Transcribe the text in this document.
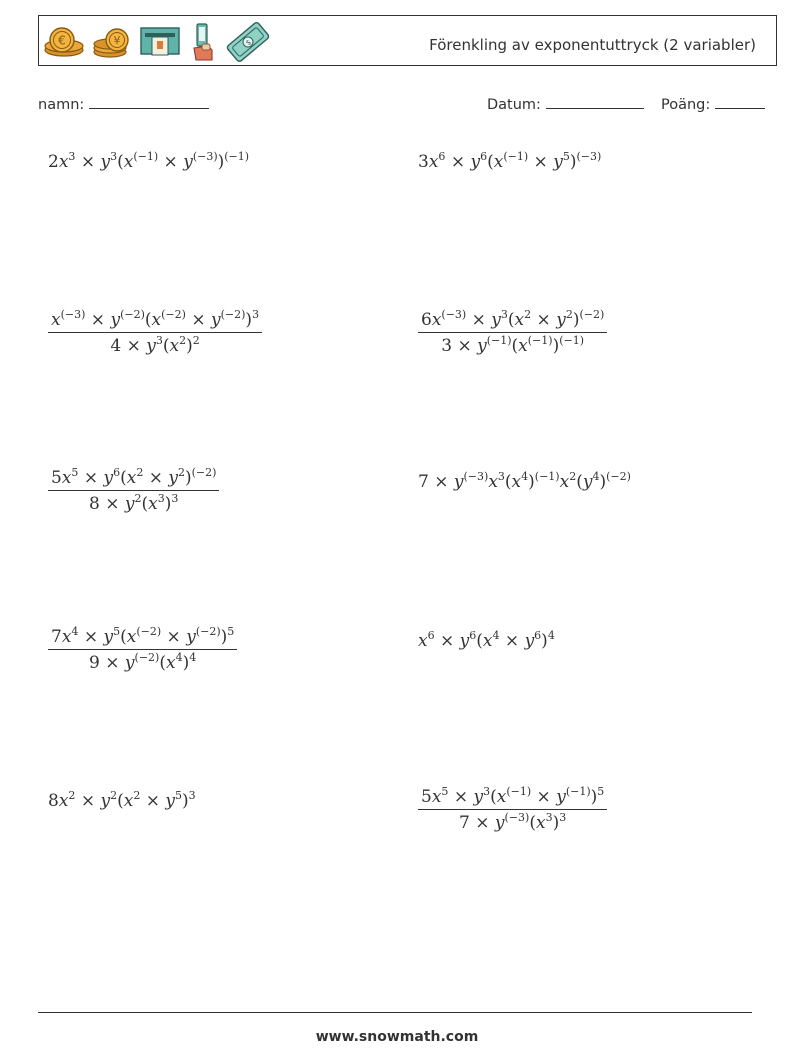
€	¥	$	Förenkling av exponentuttryck (2 variabler)
namn:	Datum:	Poäng:
$2x^3 \times y^3(x^{(-1)} \times y^{(-3)})^{(-1)}$	$3x^6 \times y^6(x^{(-1)} \times y^5)^{(-3)}$
$\frac{x^{(-3)} \times y^{(-2)}(x^{(-2)} \times y^{(-2)})^3}{4 \times y^3(x^2)^2}$	$\frac{6x^{(-3)} \times y^3(x^2 \times y^2)^{(-2)}}{3 \times y^{(-1)}(x^{(-1)})^{(-1)}}$
$\frac{5x^5 \times y^6(x^2 \times y^2)^{(-2)}}{8 \times y^2(x^3)^3}$	$7 \times y^{(-3)}x^3(x^4)^{(-1)}x^2(y^4)^{(-2)}$
$\frac{7x^4 \times y^5(x^{(-2)} \times y^{(-2)})^5}{9 \times y^{(-2)}(x^4)^4}$	$x^6 \times y^6(x^4 \times y^6)^4$
$8x^2 \times y^2(x^2 \times y^5)^3$	$\frac{5x^5 \times y^3(x^{(-1)} \times y^{(-1)})^5}{7 \times y^{(-3)}(x^3)^3}$
www.snowmath.com
